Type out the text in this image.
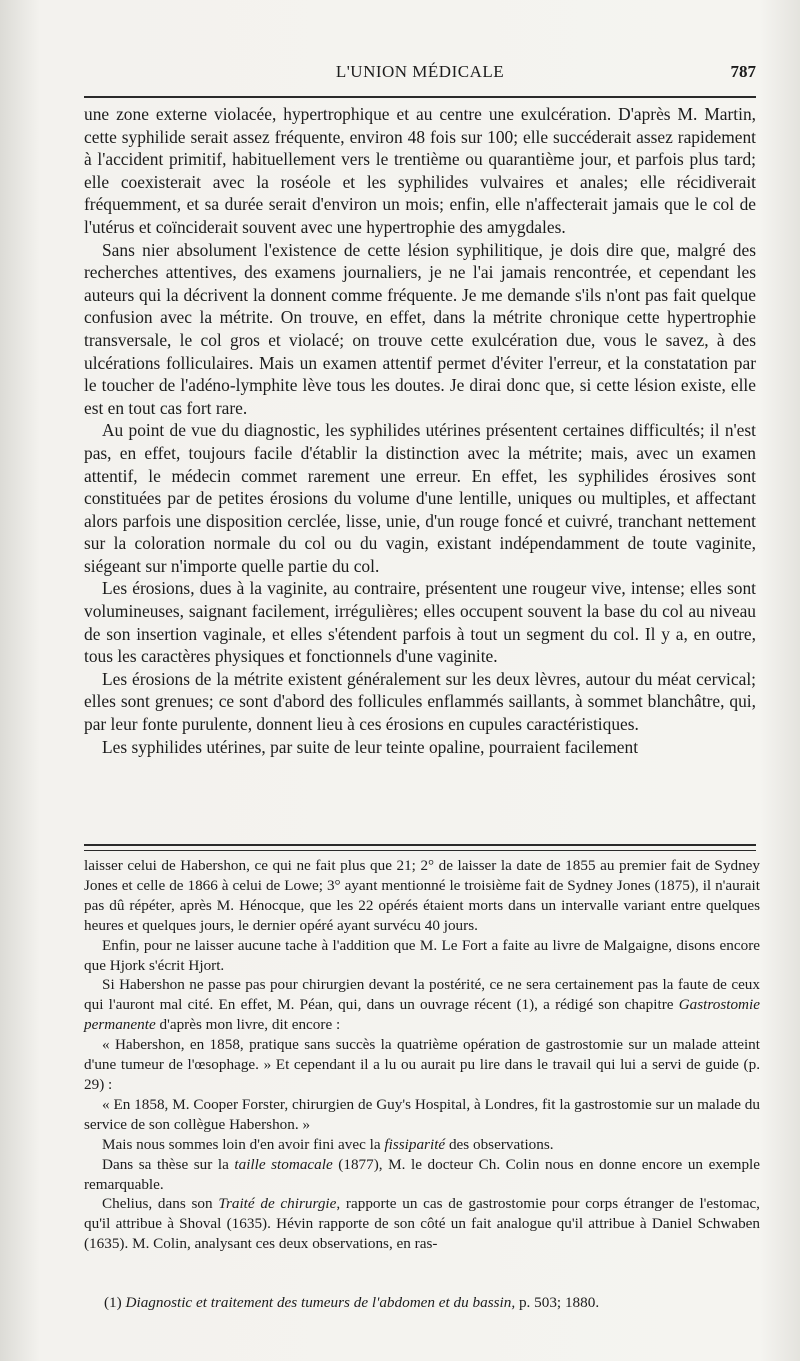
L'UNION MÉDICALE	787

une zone externe violacée, hypertrophique et au centre une exulcération. D'après M. Martin, cette syphilide serait assez fréquente, environ 48 fois sur 100; elle succéderait assez rapidement à l'accident primitif, habituellement vers le trentième ou quarantième jour, et parfois plus tard; elle coexisterait avec la roséole et les syphilides vulvaires et anales; elle récidiverait fréquemment, et sa durée serait d'environ un mois; enfin, elle n'affecterait jamais que le col de l'utérus et coïnciderait souvent avec une hypertrophie des amygdales.

Sans nier absolument l'existence de cette lésion syphilitique, je dois dire que, malgré des recherches attentives, des examens journaliers, je ne l'ai jamais rencontrée, et cependant les auteurs qui la décrivent la donnent comme fréquente. Je me demande s'ils n'ont pas fait quelque confusion avec la métrite. On trouve, en effet, dans la métrite chronique cette hypertrophie transversale, le col gros et violacé; on trouve cette exulcération due, vous le savez, à des ulcérations folliculaires. Mais un examen attentif permet d'éviter l'erreur, et la constatation par le toucher de l'adéno-lymphite lève tous les doutes. Je dirai donc que, si cette lésion existe, elle est en tout cas fort rare.

Au point de vue du diagnostic, les syphilides utérines présentent certaines difficultés; il n'est pas, en effet, toujours facile d'établir la distinction avec la métrite; mais, avec un examen attentif, le médecin commet rarement une erreur. En effet, les syphilides érosives sont constituées par de petites érosions du volume d'une lentille, uniques ou multiples, et affectant alors parfois une disposition cerclée, lisse, unie, d'un rouge foncé et cuivré, tranchant nettement sur la coloration normale du col ou du vagin, existant indépendamment de toute vaginite, siégeant sur n'importe quelle partie du col.

Les érosions, dues à la vaginite, au contraire, présentent une rougeur vive, intense; elles sont volumineuses, saignant facilement, irrégulières; elles occupent souvent la base du col au niveau de son insertion vaginale, et elles s'étendent parfois à tout un segment du col. Il y a, en outre, tous les caractères physiques et fonctionnels d'une vaginite.

Les érosions de la métrite existent généralement sur les deux lèvres, autour du méat cervical; elles sont grenues; ce sont d'abord des follicules enflammés saillants, à sommet blanchâtre, qui, par leur fonte purulente, donnent lieu à ces érosions en cupules caractéristiques.

Les syphilides utérines, par suite de leur teinte opaline, pourraient facilement

laisser celui de Habershon, ce qui ne fait plus que 21; 2° de laisser la date de 1855 au premier fait de Sydney Jones et celle de 1866 à celui de Lowe; 3° ayant mentionné le troisième fait de Sydney Jones (1875), il n'aurait pas dû répéter, après M. Hénocque, que les 22 opérés étaient morts dans un intervalle variant entre quelques heures et quelques jours, le dernier opéré ayant survécu 40 jours.

Enfin, pour ne laisser aucune tache à l'addition que M. Le Fort a faite au livre de Malgaigne, disons encore que Hjork s'écrit Hjort.

Si Habershon ne passe pas pour chirurgien devant la postérité, ce ne sera certainement pas la faute de ceux qui l'auront mal cité. En effet, M. Péan, qui, dans un ouvrage récent (1), a rédigé son chapitre Gastrostomie permanente d'après mon livre, dit encore :

« Habershon, en 1858, pratique sans succès la quatrième opération de gastrostomie sur un malade atteint d'une tumeur de l'œsophage. » Et cependant il a lu ou aurait pu lire dans le travail qui lui a servi de guide (p. 29) :

« En 1858, M. Cooper Forster, chirurgien de Guy's Hospital, à Londres, fit la gastrostomie sur un malade du service de son collègue Habershon. »

Mais nous sommes loin d'en avoir fini avec la fissiparité des observations.

Dans sa thèse sur la taille stomacale (1877), M. le docteur Ch. Colin nous en donne encore un exemple remarquable.

Chelius, dans son Traité de chirurgie, rapporte un cas de gastrostomie pour corps étranger de l'estomac, qu'il attribue à Shoval (1635). Hévin rapporte de son côté un fait analogue qu'il attribue à Daniel Schwaben (1635). M. Colin, analysant ces deux observations, en ras-

(1) Diagnostic et traitement des tumeurs de l'abdomen et du bassin, p. 503; 1880.
